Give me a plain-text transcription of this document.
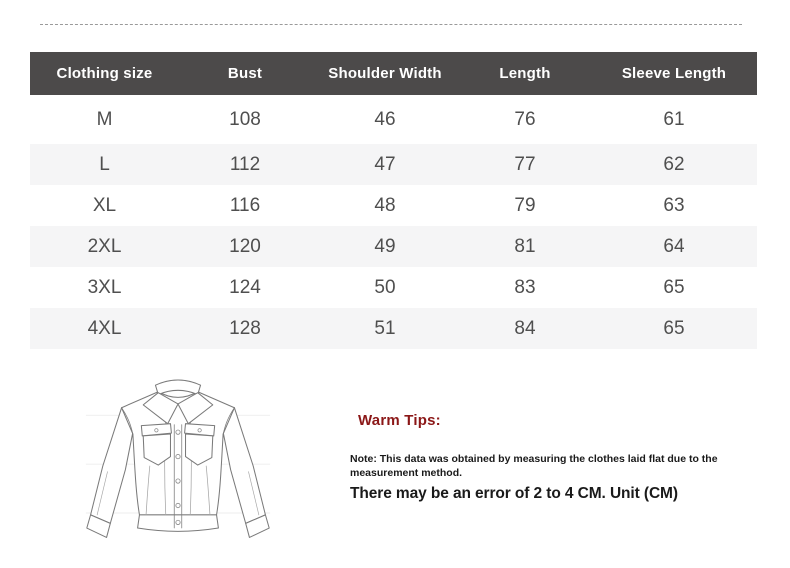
Clothing size	Bust	Shoulder Width	Length	Sleeve Length
M	108	46	76	61
L	112	47	77	62
XL	116	48	79	63
2XL	120	49	81	64
3XL	124	50	83	65
4XL	128	51	84	65
Warm Tips:
Note: This data was obtained by measuring the clothes laid flat due to the measurement method.
There may be an error of 2 to 4 CM. Unit (CM)
